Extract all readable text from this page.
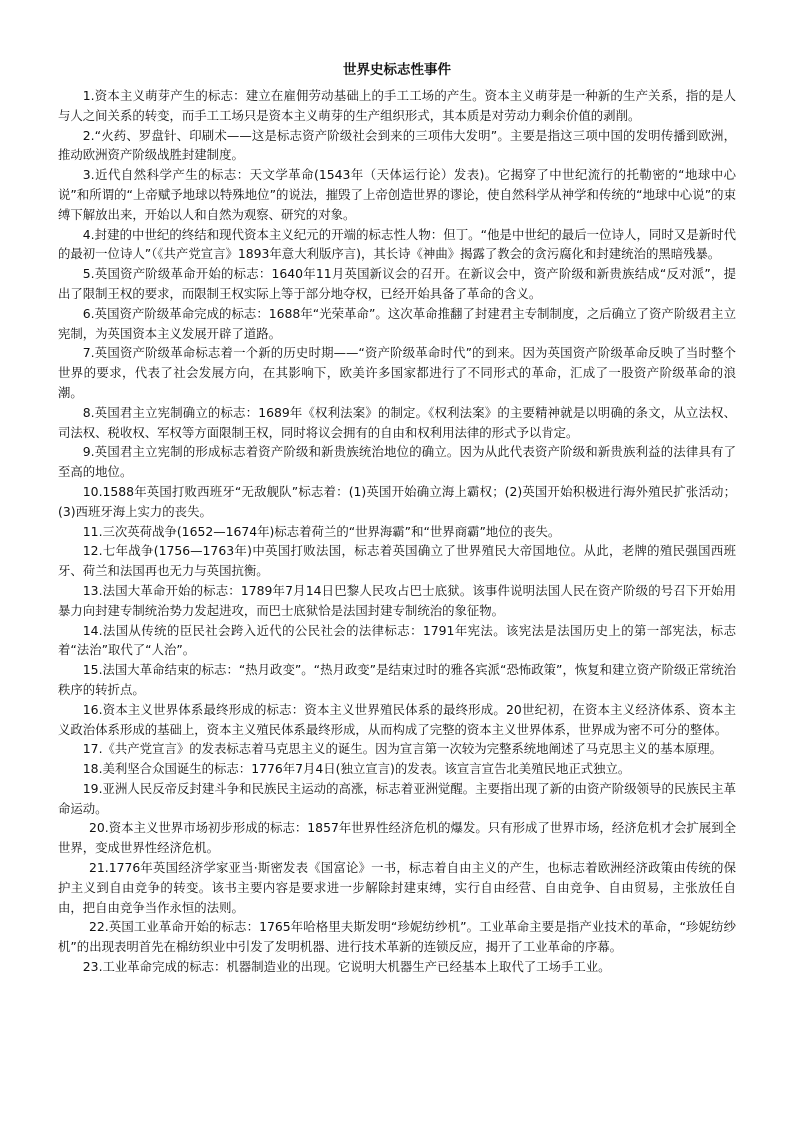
世界史标志性事件

1.资本主义萌芽产生的标志：建立在雇佣劳动基础上的手工工场的产生。资本主义萌芽是一种新的生产关系，指的是人与人之间关系的转变，而手工工场只是资本主义萌芽的生产组织形式，其本质是对劳动力剩余价值的剥削。

2.“火药、罗盘针、印刷术——这是标志资产阶级社会到来的三项伟大发明”。主要是指这三项中国的发明传播到欧洲，推动欧洲资产阶级战胜封建制度。

3.近代自然科学产生的标志：天文学革命(1543年（天体运行论）发表)。它揭穿了中世纪流行的托勒密的“地球中心说”和所谓的“上帝赋予地球以特殊地位”的说法，摧毁了上帝创造世界的谬论，使自然科学从神学和传统的“地球中心说”的束缚下解放出来，开始以人和自然为观察、研究的对象。

4.封建的中世纪的终结和现代资本主义纪元的开端的标志性人物：但丁。“他是中世纪的最后一位诗人，同时又是新时代的最初一位诗人”（《共产党宣言》1893年意大利版序言)，其长诗《神曲》揭露了教会的贪污腐化和封建统治的黑暗残暴。

5.英国资产阶级革命开始的标志：1640年11月英国新议会的召开。在新议会中，资产阶级和新贵族结成“反对派”，提出了限制王权的要求，而限制王权实际上等于部分地夺权，已经开始具备了革命的含义。

6.英国资产阶级革命完成的标志：1688年“光荣革命”。这次革命推翻了封建君主专制制度，之后确立了资产阶级君主立宪制，为英国资本主义发展开辟了道路。

7.英国资产阶级革命标志着一个新的历史时期——“资产阶级革命时代”的到来。因为英国资产阶级革命反映了当时整个世界的要求，代表了社会发展方向，在其影响下，欧美许多国家都进行了不同形式的革命，汇成了一股资产阶级革命的浪潮。

8.英国君主立宪制确立的标志：1689年《权利法案》的制定。《权利法案》的主要精神就是以明确的条文，从立法权、司法权、税收权、军权等方面限制王权，同时将议会拥有的自由和权利用法律的形式予以肯定。

9.英国君主立宪制的形成标志着资产阶级和新贵族统治地位的确立。因为从此代表资产阶级和新贵族利益的法律具有了至高的地位。

10.1588年英国打败西班牙“无敌舰队”标志着：(1)英国开始确立海上霸权；(2)英国开始积极进行海外殖民扩张活动；(3)西班牙海上实力的丧失。

11.三次英荷战争(1652—1674年)标志着荷兰的“世界海霸”和“世界商霸”地位的丧失。

12.七年战争(1756—1763年)中英国打败法国，标志着英国确立了世界殖民大帝国地位。从此，老牌的殖民强国西班牙、荷兰和法国再也无力与英国抗衡。

13.法国大革命开始的标志：1789年7月14日巴黎人民攻占巴士底狱。该事件说明法国人民在资产阶级的号召下开始用暴力向封建专制统治势力发起进攻，而巴士底狱恰是法国封建专制统治的象征物。

14.法国从传统的臣民社会跨入近代的公民社会的法律标志：1791年宪法。该宪法是法国历史上的第一部宪法，标志着“法治”取代了“人治”。

15.法国大革命结束的标志：“热月政变”。“热月政变”是结束过时的雅各宾派“恐怖政策”，恢复和建立资产阶级正常统治秩序的转折点。

16.资本主义世界体系最终形成的标志：资本主义世界殖民体系的最终形成。20世纪初，在资本主义经济体系、资本主义政治体系形成的基础上，资本主义殖民体系最终形成，从而构成了完整的资本主义世界体系，世界成为密不可分的整体。

17.《共产党宣言》的发表标志着马克思主义的诞生。因为宣言第一次较为完整系统地阐述了马克思主义的基本原理。

18.美利坚合众国诞生的标志：1776年7月4日(独立宣言)的发表。该宣言宣告北美殖民地正式独立。

19.亚洲人民反帝反封建斗争和民族民主运动的高涨，标志着亚洲觉醒。主要指出现了新的由资产阶级领导的民族民主革命运动。

20.资本主义世界市场初步形成的标志：1857年世界性经济危机的爆发。只有形成了世界市场，经济危机才会扩展到全世界，变成世界性经济危机。

21.1776年英国经济学家亚当·斯密发表《国富论》一书，标志着自由主义的产生，也标志着欧洲经济政策由传统的保护主义到自由竞争的转变。该书主要内容是要求进一步解除封建束缚，实行自由经营、自由竞争、自由贸易，主张放任自由，把自由竞争当作永恒的法则。

22.英国工业革命开始的标志：1765年哈格里夫斯发明“珍妮纺纱机”。工业革命主要是指产业技术的革命，“珍妮纺纱机”的出现表明首先在棉纺织业中引发了发明机器、进行技术革新的连锁反应，揭开了工业革命的序幕。

23.工业革命完成的标志：机器制造业的出现。它说明大机器生产已经基本上取代了工场手工业。
